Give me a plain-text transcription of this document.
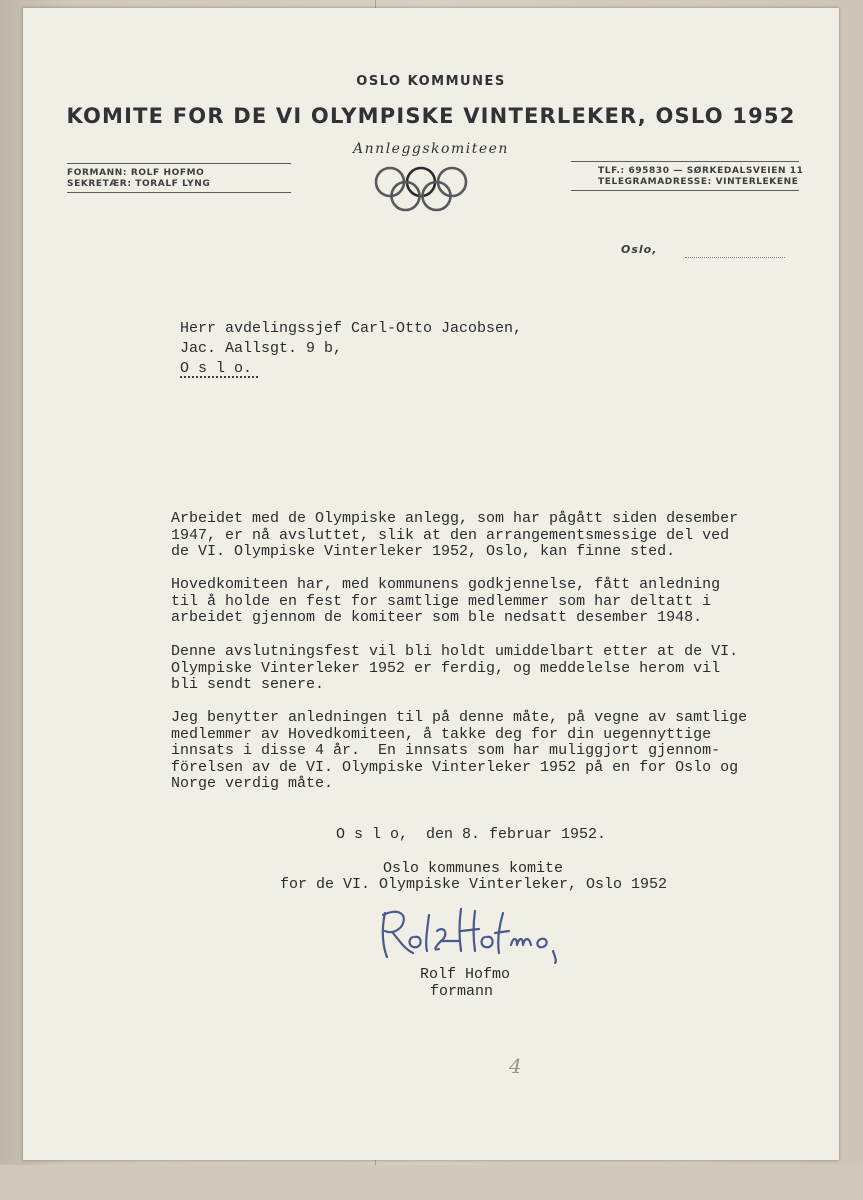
OSLO KOMMUNES
KOMITE FOR DE VI OLYMPISKE VINTERLEKER, OSLO 1952
Annleggskomiteen
FORMANN: ROLF HOFMO
SEKRETÆR: TORALF LYNG
TLF.: 695830 — SØRKEDALSVEIEN 11
TELEGRAMADRESSE: VINTERLEKENE
Oslo,
Herr avdelingssjef Carl-Otto Jacobsen,
Jac. Aallsgt. 9 b,
O s l o.
Arbeidet med de Olympiske anlegg, som har pågått siden desember
1947, er nå avsluttet, slik at den arrangementsmessige del ved
de VI. Olympiske Vinterleker 1952, Oslo, kan finne sted.
Hovedkomiteen har, med kommunens godkjennelse, fått anledning
til å holde en fest for samtlige medlemmer som har deltatt i
arbeidet gjennom de komiteer som ble nedsatt desember 1948.
Denne avslutningsfest vil bli holdt umiddelbart etter at de VI.
Olympiske Vinterleker 1952 er ferdig, og meddelelse herom vil
bli sendt senere.
Jeg benytter anledningen til på denne måte, på vegne av samtlige
medlemmer av Hovedkomiteen, å takke deg for din uegennyttige
innsats i disse 4 år.  En innsats som har muliggjort gjennom-
förelsen av de VI. Olympiske Vinterleker 1952 på en for Oslo og
Norge verdig måte.
O s l o,  den 8. februar 1952.
Oslo kommunes komite
for de VI. Olympiske Vinterleker, Oslo 1952
Rolf Hofmo
formann
4
